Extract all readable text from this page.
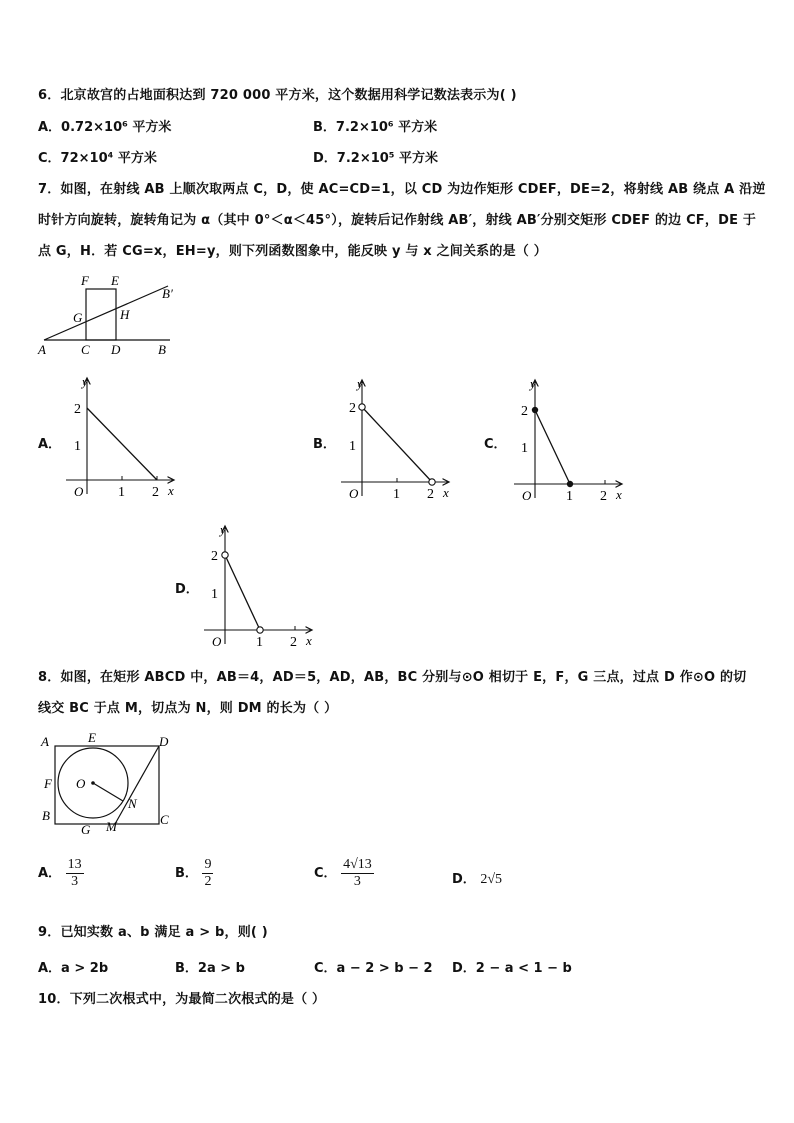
6．北京故宫的占地面积达到 720 000 平方米，这个数据用科学记数法表示为( )
A．0.72×10⁶ 平方米	B．7.2×10⁶ 平方米
C．72×10⁴ 平方米	D．7.2×10⁵ 平方米
7．如图，在射线 AB 上顺次取两点 C，D，使 AC=CD=1，以 CD 为边作矩形 CDEF，DE=2，将射线 AB 绕点 A 沿逆
时针方向旋转，旋转角记为 α（其中 0°＜α＜45°），旋转后记作射线 AB′，射线 AB′分别交矩形 CDEF 的边 CF，DE 于
点 G，H．若 CG=x，EH=y，则下列函数图象中，能反映 y 与 x 之间关系的是（ ）
F E
B′
G	H
A	C D	B
A．	B．	C．
D．
y
x
O
2
1
1 2
y
x
O
2
1
1 2
y
x
O
2
1
1 2
y
x
O
2
1
1 2
8．如图，在矩形 ABCD 中，AB＝4，AD＝5，AD，AB，BC 分别与⊙O 相切于 E，F，G 三点，过点 D 作⊙O 的切
线交 BC 于点 M，切点为 N，则 DM 的长为（ ）
A	E	D
F O
N
B
G M	C
A． $\frac{13}{3}$	B． $\frac{9}{2}$	C． $\frac{4√13}{3}$	D． 2√5
9．已知实数 a、b 满足 a > b，则( )
A．a > 2b	B．2a > b	C．a − 2 > b − 2 D．2 − a < 1 − b
10．下列二次根式中，为最简二次根式的是（ ）
